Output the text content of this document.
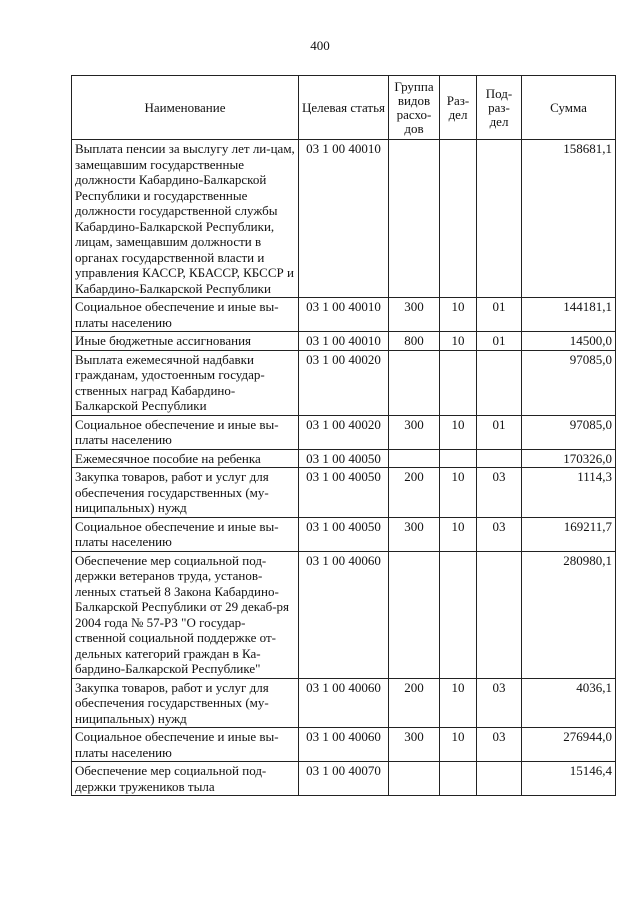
400
Наименование	Целевая статья	Группа видов расхо-дов	Раз-дел	Под-раз-дел	Сумма
Выплата пенсии за выслугу лет ли-цам, замещавшим государственные должности Кабардино-Балкарской Республики и государственные должности государственной службы Кабардино-Балкарской Республики, лицам, замещавшим должности в органах государственной власти и управления КАССР, КБАССР, КБССР и Кабардино-Балкарской Республики	03 1 00 40010				158681,1
Социальное обеспечение и иные вы-платы населению	03 1 00 40010	300	10	01	144181,1
Иные бюджетные ассигнования	03 1 00 40010	800	10	01	14500,0
Выплата ежемесячной надбавки гражданам, удостоенным государ-ственных наград Кабардино-Балкарской Республики	03 1 00 40020				97085,0
Социальное обеспечение и иные вы-платы населению	03 1 00 40020	300	10	01	97085,0
Ежемесячное пособие на ребенка	03 1 00 40050				170326,0
Закупка товаров, работ и услуг для обеспечения государственных (му-ниципальных) нужд	03 1 00 40050	200	10	03	1114,3
Социальное обеспечение и иные вы-платы населению	03 1 00 40050	300	10	03	169211,7
Обеспечение мер социальной под-держки ветеранов труда, установ-ленных статьей 8 Закона Кабардино-Балкарской Республики от 29 декаб-ря 2004 года № 57-РЗ "О государ-ственной социальной поддержке от-дельных категорий граждан в Ка-бардино-Балкарской Республике"	03 1 00 40060				280980,1
Закупка товаров, работ и услуг для обеспечения государственных (му-ниципальных) нужд	03 1 00 40060	200	10	03	4036,1
Социальное обеспечение и иные вы-платы населению	03 1 00 40060	300	10	03	276944,0
Обеспечение мер социальной под-держки тружеников тыла	03 1 00 40070				15146,4
